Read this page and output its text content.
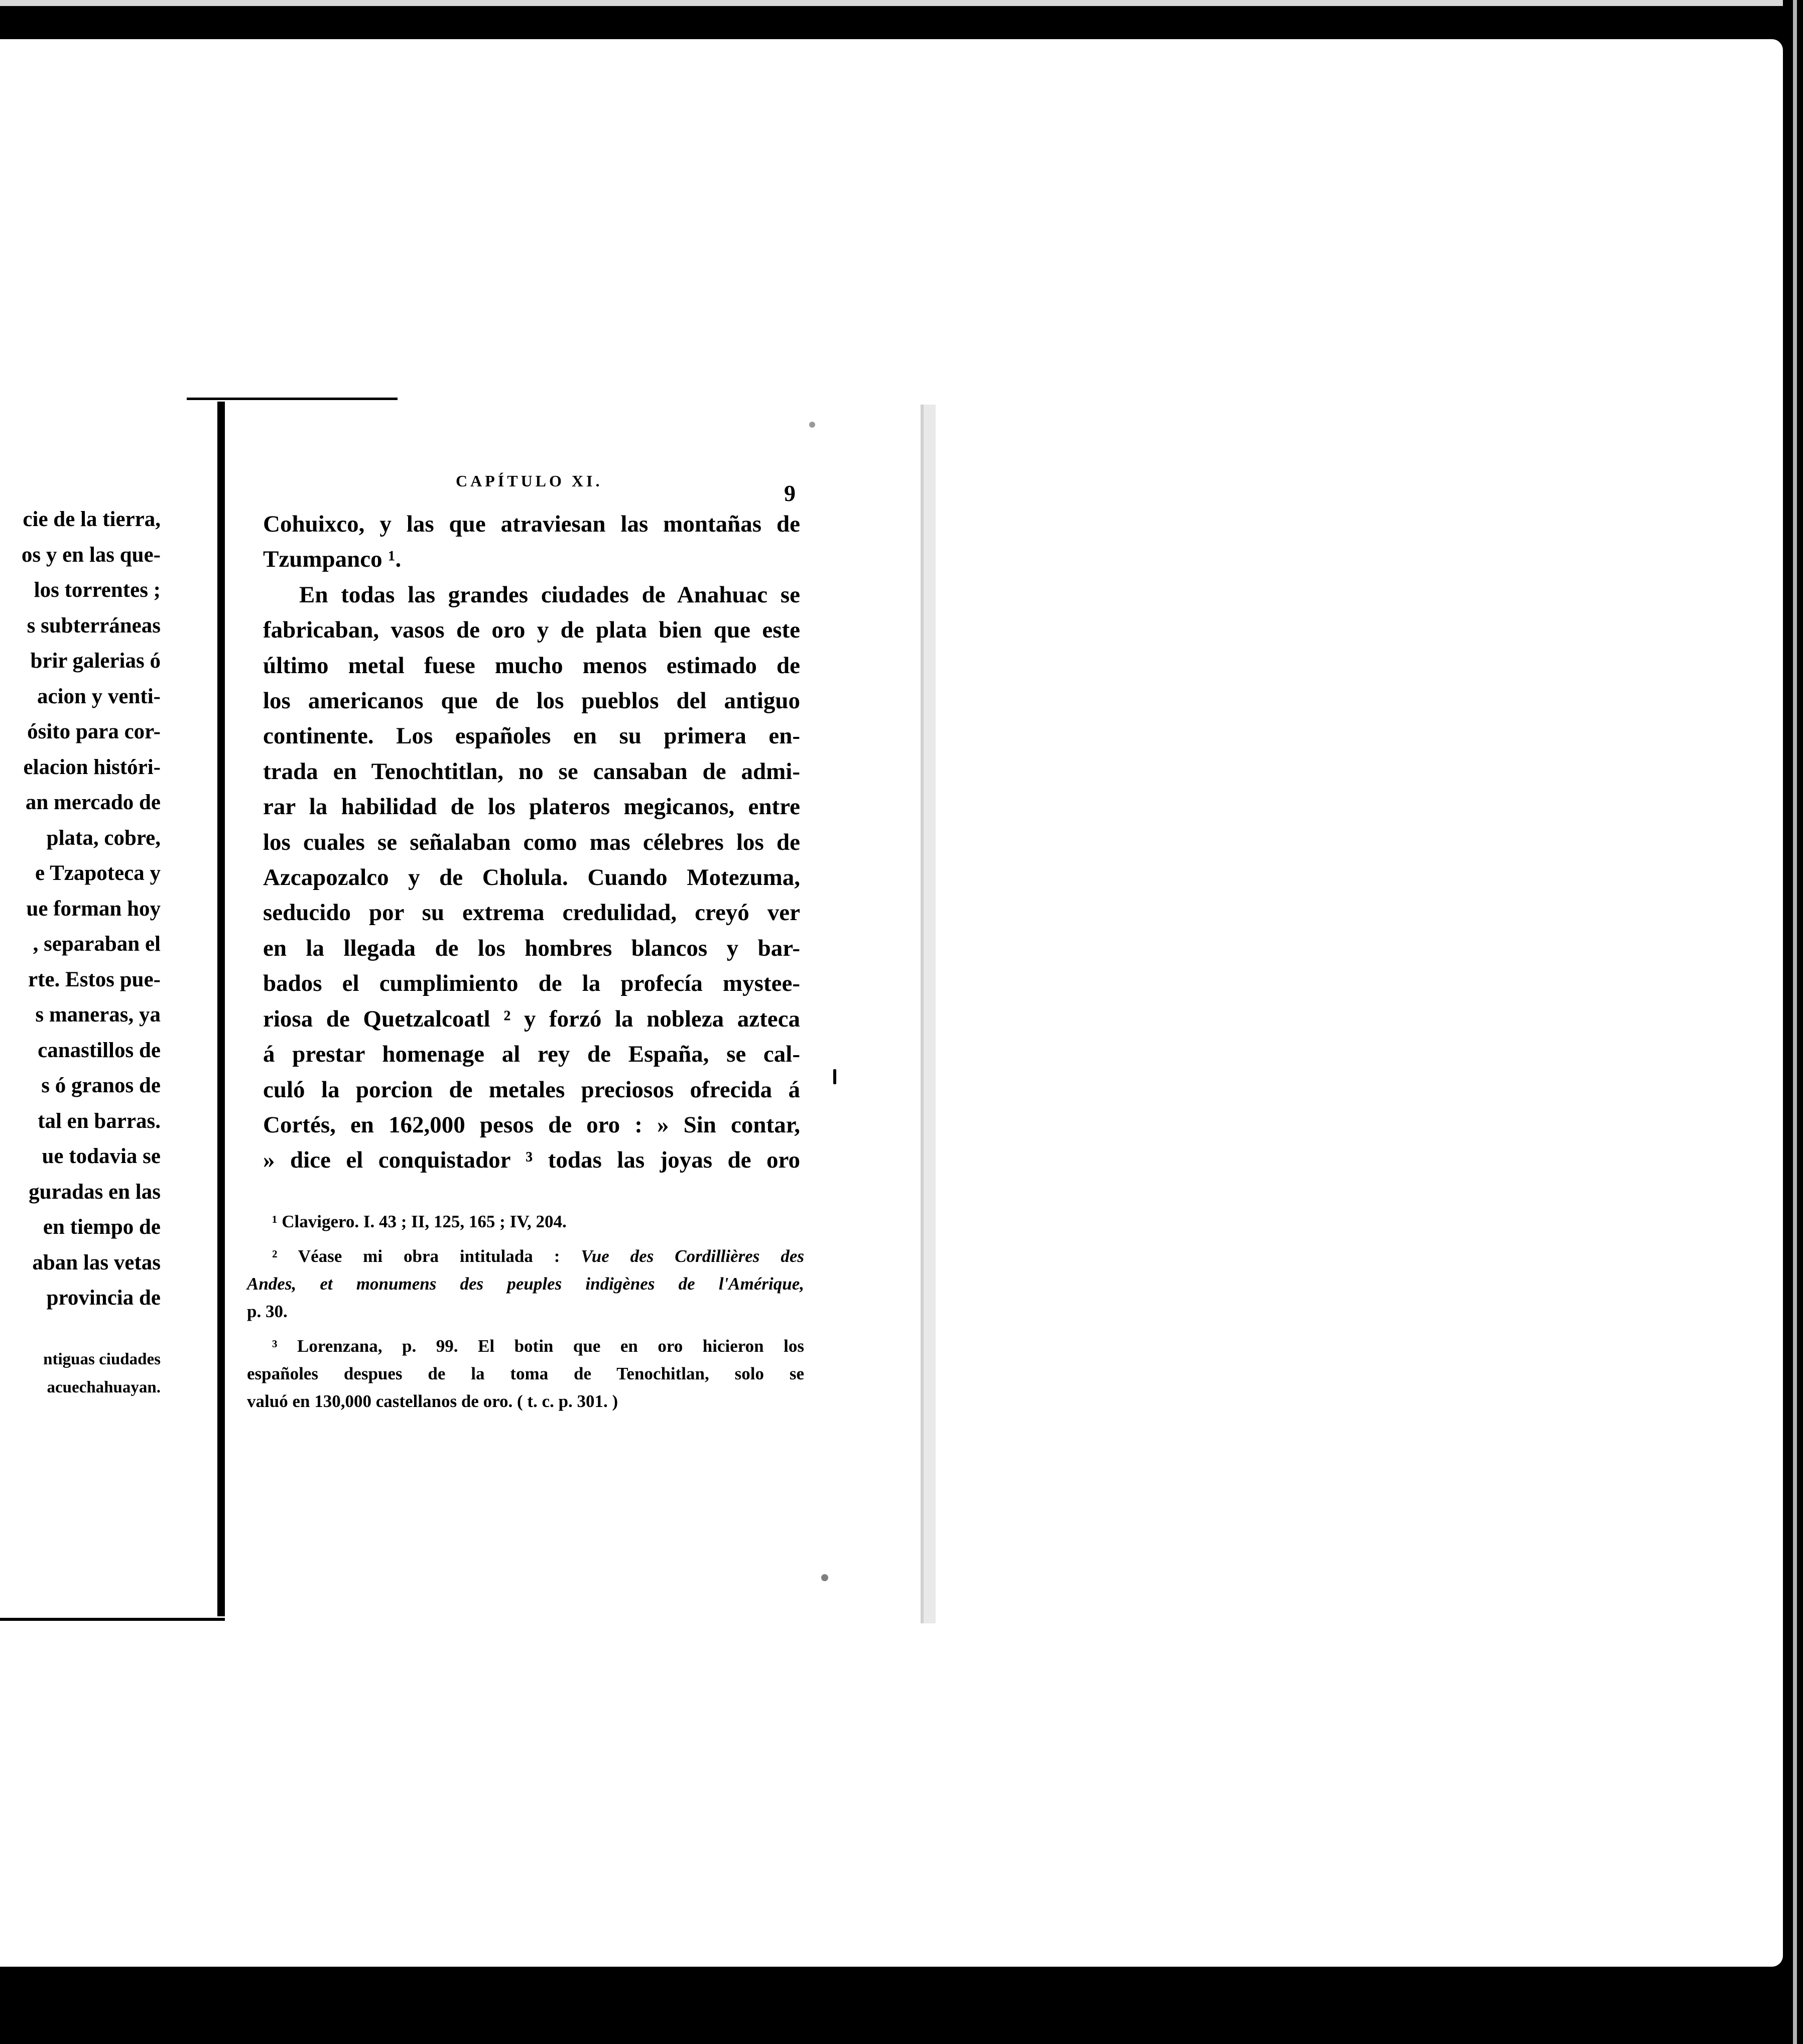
cie de la tierra,
os y en las que-
los torrentes ;
s subterráneas
brir galerias ó
acion y venti-
ósito para cor-
elacion históri-
an mercado de
plata, cobre,
e Tzapoteca y
ue forman hoy
, separaban el
rte. Estos pue-
s maneras, ya
canastillos de
s ó granos de
tal en barras.
ue todavia se
guradas en las
en tiempo de
aban las vetas
provincia de
ntiguas ciudades
acuechahuayan.
CAPÍTULO XI.	9
Cohuixco, y las que atraviesan las montañas de
Tzumpanco ¹.
En todas las grandes ciudades de Anahuac se
fabricaban, vasos de oro y de plata bien que este
último metal fuese mucho menos estimado de
los americanos que de los pueblos del antiguo
continente. Los españoles en su primera en-
trada en Tenochtitlan, no se cansaban de admi-
rar la habilidad de los plateros megicanos, entre
los cuales se señalaban como mas célebres los de
Azcapozalco y de Cholula. Cuando Motezuma,
seducido por su extrema credulidad, creyó ver
en la llegada de los hombres blancos y bar-
bados el cumplimiento de la profecía mystee-
riosa de Quetzalcoatl ² y forzó la nobleza azteca
á prestar homenage al rey de España, se cal-
culó la porcion de metales preciosos ofrecida á
Cortés, en 162,000 pesos de oro : » Sin contar,
» dice el conquistador ³ todas las joyas de oro
¹ Clavigero. I. 43 ; II, 125, 165 ; IV, 204.
² Véase mi obra intitulada : Vue des Cordillières des
Andes, et monumens des peuples indigènes de l'Amérique,
p. 30.
³ Lorenzana, p. 99. El botin que en oro hicieron los
españoles despues de la toma de Tenochitlan, solo se
valuó en 130,000 castellanos de oro. ( t. c. p. 301. )
